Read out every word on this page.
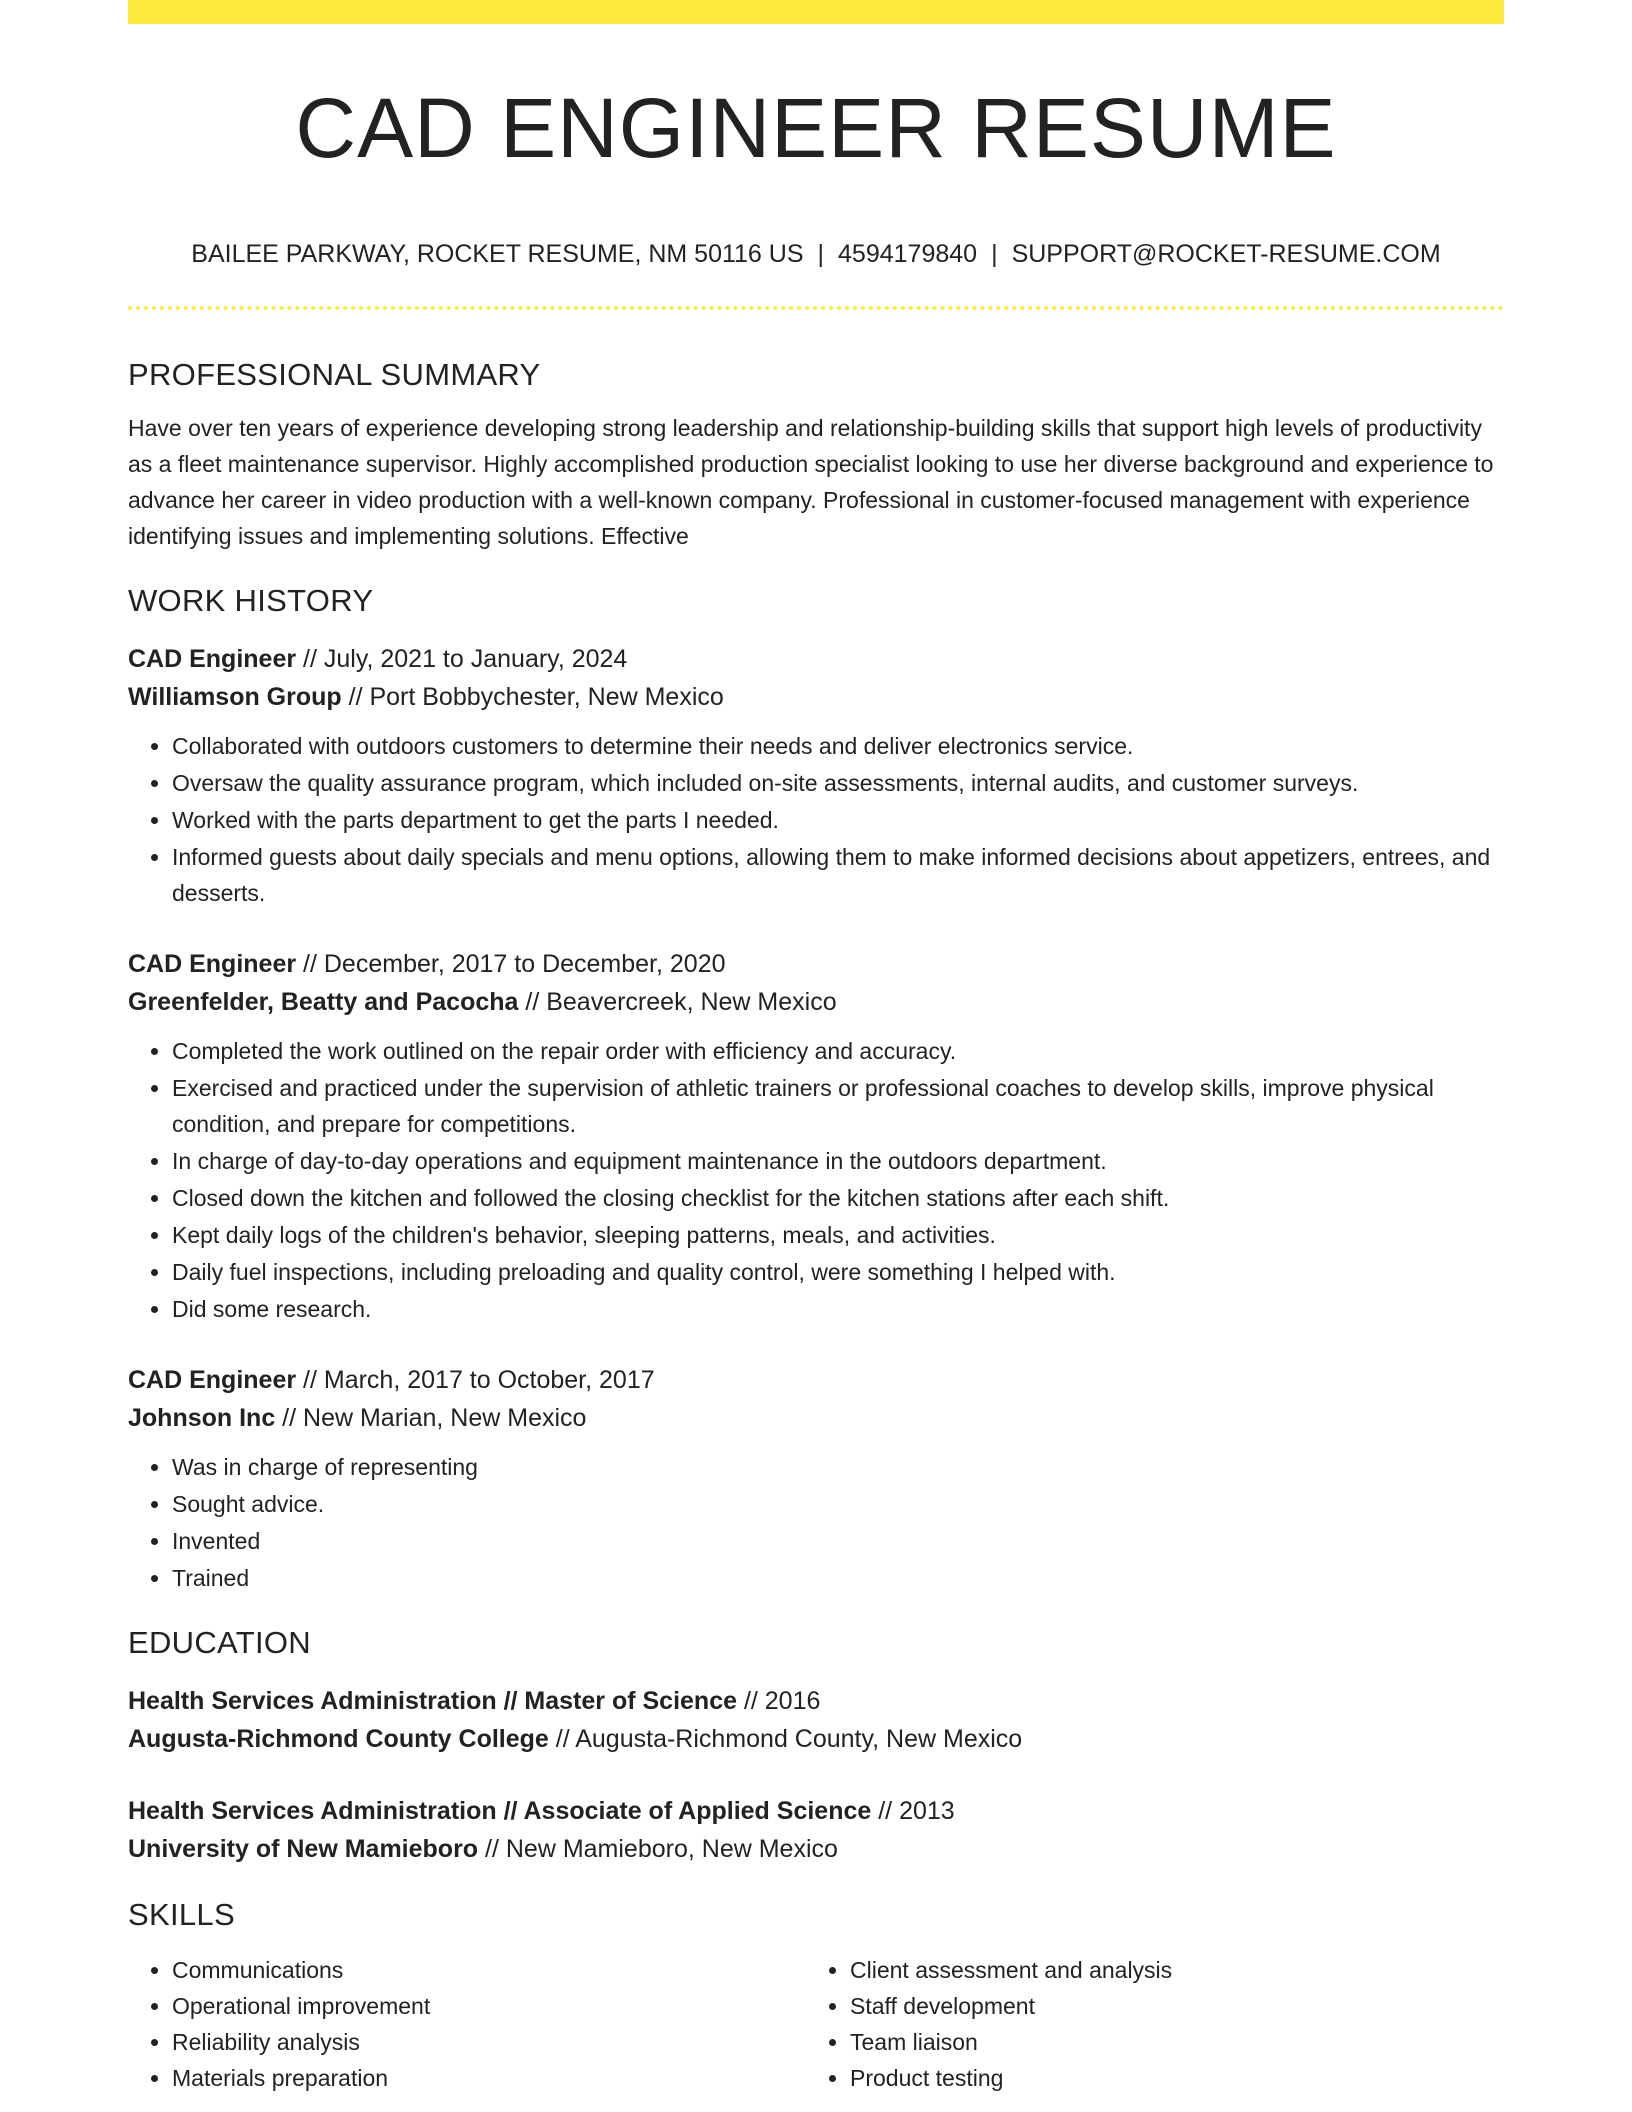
CAD ENGINEER RESUME
BAILEE PARKWAY, ROCKET RESUME, NM 50116 US | 4594179840 | SUPPORT@ROCKET-RESUME.COM
PROFESSIONAL SUMMARY

Have over ten years of experience developing strong leadership and relationship-building skills that support high levels of productivity as a fleet maintenance supervisor. Highly accomplished production specialist looking to use her diverse background and experience to advance her career in video production with a well-known company. Professional in customer-focused management with experience identifying issues and implementing solutions. Effective

WORK HISTORY
CAD Engineer // July, 2021 to January, 2024
Williamson Group // Port Bobbychester, New Mexico
• Collaborated with outdoors customers to determine their needs and deliver electronics service.
• Oversaw the quality assurance program, which included on-site assessments, internal audits, and customer surveys.
• Worked with the parts department to get the parts I needed.
• Informed guests about daily specials and menu options, allowing them to make informed decisions about appetizers, entrees, and desserts.
CAD Engineer // December, 2017 to December, 2020
Greenfelder, Beatty and Pacocha // Beavercreek, New Mexico
• Completed the work outlined on the repair order with efficiency and accuracy.
• Exercised and practiced under the supervision of athletic trainers or professional coaches to develop skills, improve physical condition, and prepare for competitions.
• In charge of day-to-day operations and equipment maintenance in the outdoors department.
• Closed down the kitchen and followed the closing checklist for the kitchen stations after each shift.
• Kept daily logs of the children's behavior, sleeping patterns, meals, and activities.
• Daily fuel inspections, including preloading and quality control, were something I helped with.
• Did some research.
CAD Engineer // March, 2017 to October, 2017
Johnson Inc // New Marian, New Mexico
• Was in charge of representing
• Sought advice.
• Invented
• Trained
EDUCATION
Health Services Administration // Master of Science // 2016
Augusta-Richmond County College // Augusta-Richmond County, New Mexico
Health Services Administration // Associate of Applied Science // 2013
University of New Mamieboro // New Mamieboro, New Mexico
SKILLS
• Communications
• Operational improvement
• Reliability analysis
• Materials preparation
• Client assessment and analysis
• Staff development
• Team liaison
• Product testing
